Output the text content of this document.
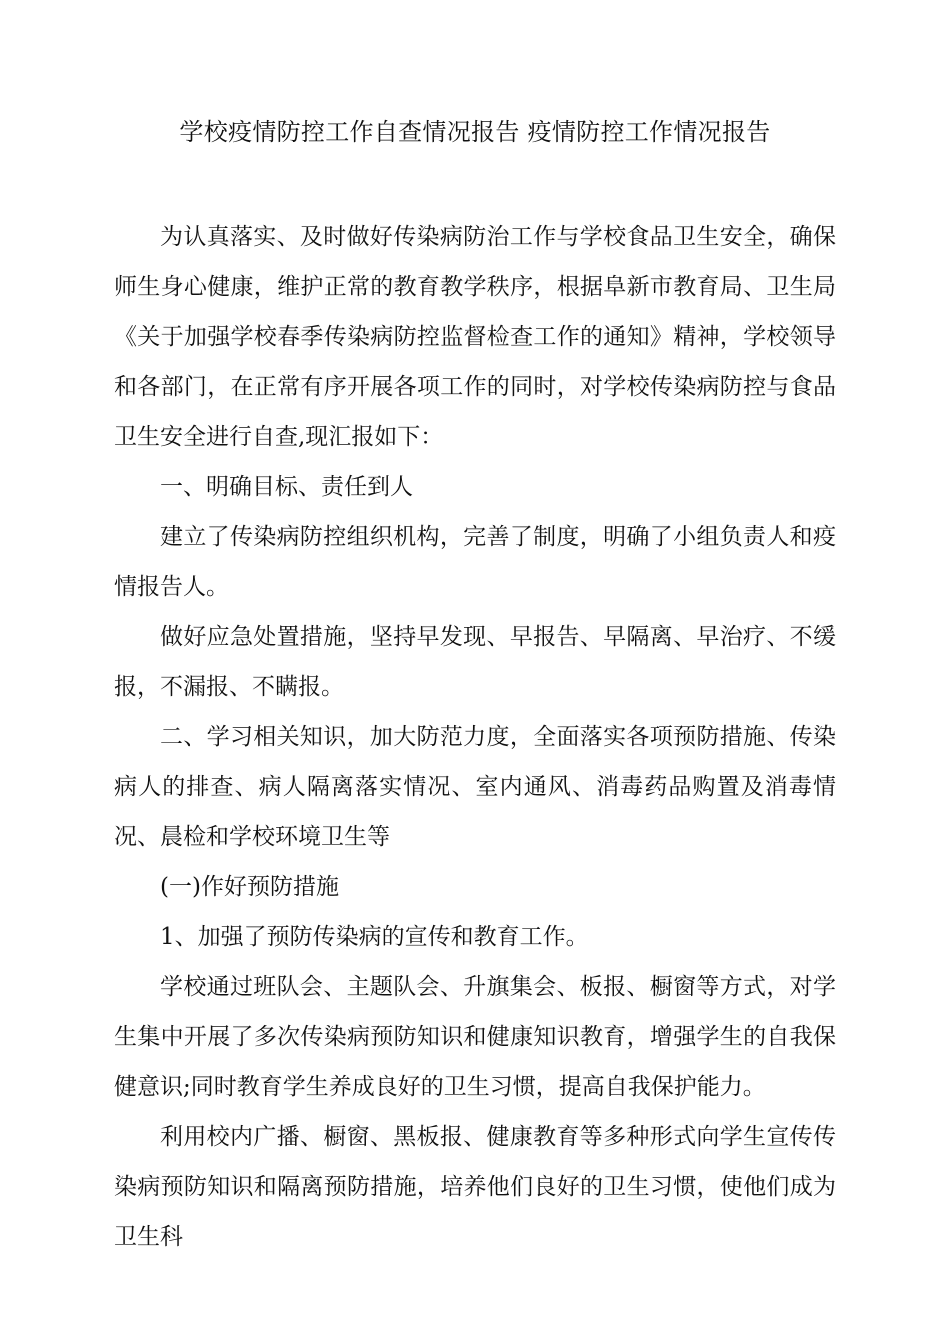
学校疫情防控工作自查情况报告 疫情防控工作情况报告

为认真落实、及时做好传染病防治工作与学校食品卫生安全，确保师生身心健康，维护正常的教育教学秩序，根据阜新市教育局、卫生局《关于加强学校春季传染病防控监督检查工作的通知》精神，学校领导和各部门，在正常有序开展各项工作的同时，对学校传染病防控与食品卫生安全进行自查,现汇报如下：

一、明确目标、责任到人

建立了传染病防控组织机构，完善了制度，明确了小组负责人和疫情报告人。

做好应急处置措施，坚持早发现、早报告、早隔离、早治疗、不缓报，不漏报、不瞒报。

二、学习相关知识，加大防范力度，全面落实各项预防措施、传染病人的排查、病人隔离落实情况、室内通风、消毒药品购置及消毒情况、晨检和学校环境卫生等

(一)作好预防措施

1、加强了预防传染病的宣传和教育工作。

学校通过班队会、主题队会、升旗集会、板报、橱窗等方式，对学生集中开展了多次传染病预防知识和健康知识教育，增强学生的自我保健意识;同时教育学生养成良好的卫生习惯，提高自我保护能力。

利用校内广播、橱窗、黑板报、健康教育等多种形式向学生宣传传染病预防知识和隔离预防措施，培养他们良好的卫生习惯，使他们成为卫生科
